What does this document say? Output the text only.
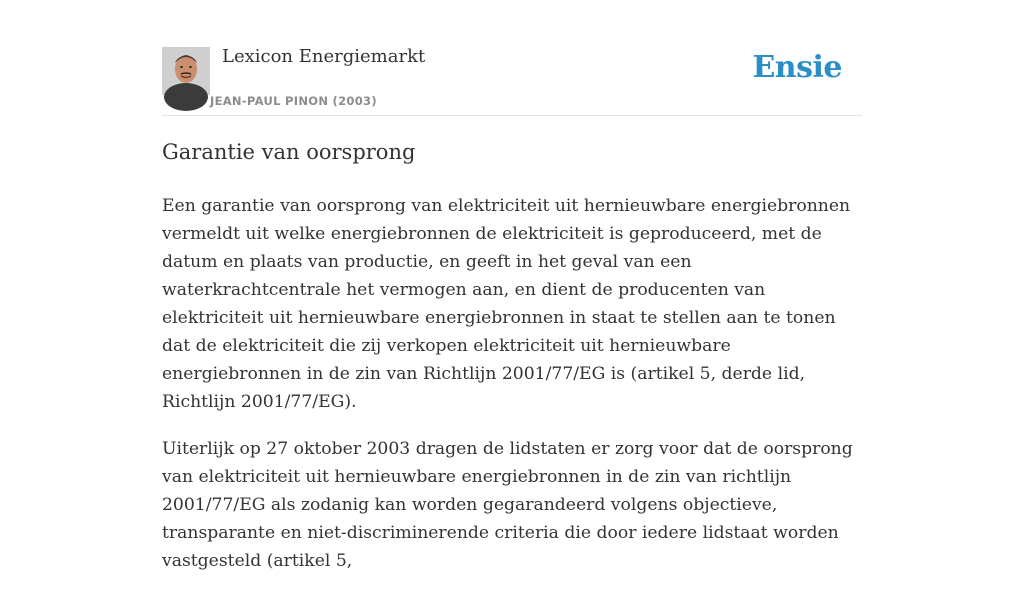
Lexicon Energiemarkt
JEAN-PAUL PINON (2003)
Ensie
Garantie van oorsprong

Een garantie van oorsprong van elektriciteit uit hernieuwbare energiebronnen vermeldt uit welke energiebronnen de elektriciteit is geproduceerd, met de datum en plaats van productie, en geeft in het geval van een waterkrachtcentrale het vermogen aan, en dient de producenten van elektriciteit uit hernieuwbare energiebronnen in staat te stellen aan te tonen dat de elektriciteit die zij verkopen elektriciteit uit hernieuwbare energiebronnen in de zin van Richtlijn 2001/77/EG is (artikel 5, derde lid, Richtlijn 2001/77/EG).

Uiterlijk op 27 oktober 2003 dragen de lidstaten er zorg voor dat de oorsprong van elektriciteit uit hernieuwbare energiebronnen in de zin van richtlijn 2001/77/EG als zodanig kan worden gegarandeerd volgens objectieve, transparante en niet-discriminerende criteria die door iedere lidstaat worden vastgesteld (artikel 5,
